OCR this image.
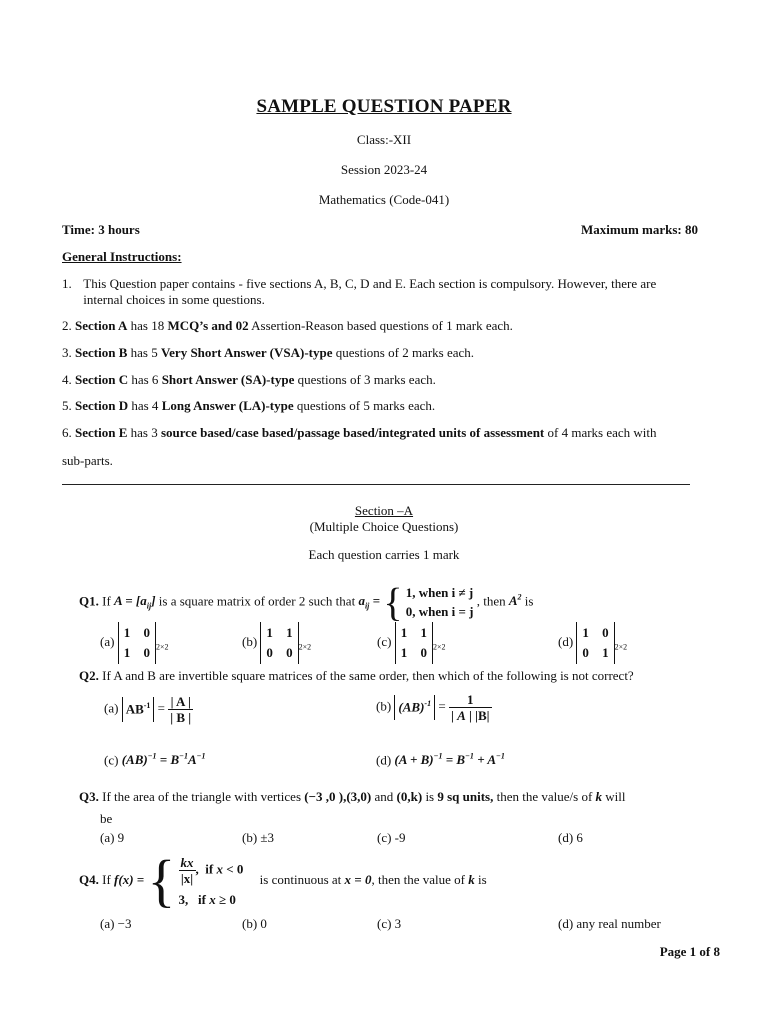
SAMPLE QUESTION PAPER
Class:-XII
Session 2023-24
Mathematics (Code-041)
Time: 3 hours	Maximum marks: 80
General Instructions:
1. This Question paper contains - five sections A, B, C, D and E. Each section is compulsory. However, there are internal choices in some questions.
2. Section A has 18 MCQ’s and 02 Assertion-Reason based questions of 1 mark each.
3. Section B has 5 Very Short Answer (VSA)-type questions of 2 marks each.
4. Section C has 6 Short Answer (SA)-type questions of 3 marks each.
5. Section D has 4 Long Answer (LA)-type questions of 5 marks each.
6. Section E has 3 source based/case based/passage based/integrated units of assessment of 4 marks each with
sub-parts.
Section –A
(Multiple Choice Questions)
Each question carries 1 mark
Q1. If $A = [a_{ij}]$ is a square matrix of order 2 such that $a_{ij}$ = { 1, when i ≠ j
0, when i = j
, then $A^2$ is
(a)
1 0
1 0 $_{2\times 2}$	(b)
1 1
0 0 $_{2\times 2}$	(c)
1 1
1 0 $_{2\times 2}$	(d)
1 0
0 1 $_{2\times 2}$
Q2. If A and B are invertible square matrices of the same order, then which of the following is not correct?
(a) $AB^{-1} = \frac{| A |}{| B |}$	(b) $(AB)^{-1} = \frac{1}{| A | |B|}$
(c) $(AB)^{-1} = B^{-1}A^{-1}$	(d) $(A + B)^{-1} = B^{-1} + A^{-1}$
Q3. If the area of the triangle with vertices (−3 ,0 ),(3,0) and (0,k) is 9 sq units, then the value/s of k will
be
(a) 9	(b) ±3	(c) -9	(d) 6
Q4. If f(x) = { $\frac{kx}{|x|}$ ,  if x < 0
3,   if x ≥ 0
is continuous at x = 0, then the value of k is
(a) −3	(b) 0	(c) 3	(d) any real number
Page 1 of 8
